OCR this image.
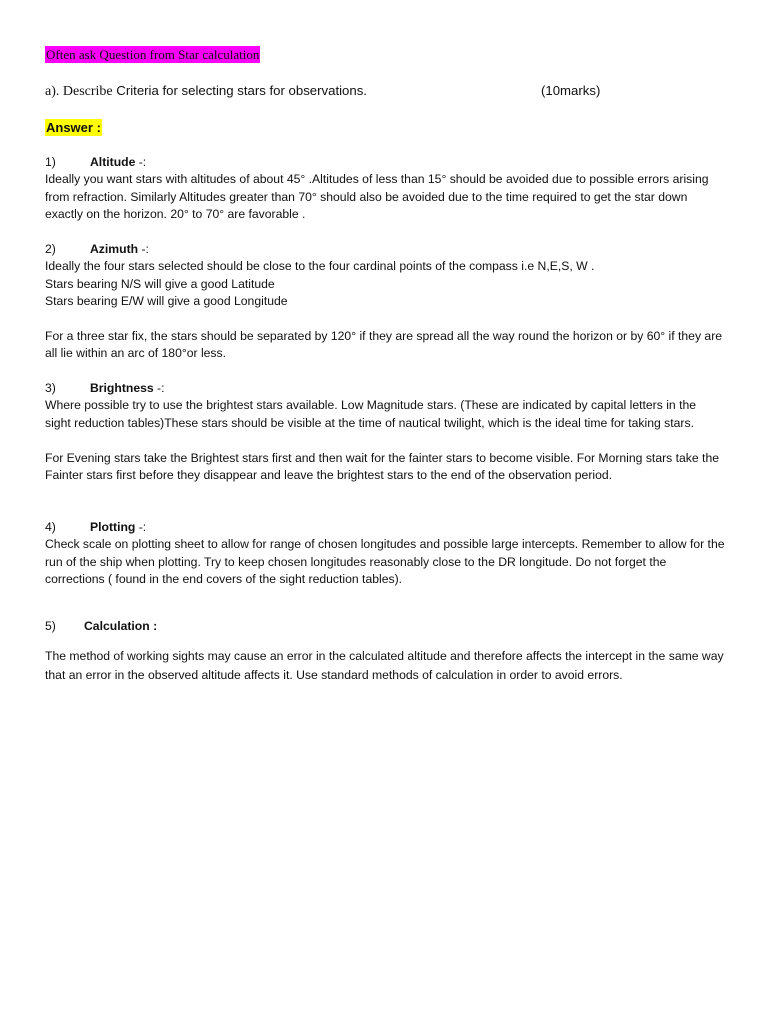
Often ask Question from Star calculation
a). Describe Criteria for selecting stars for observations.	(10marks)
Answer :
1)	Altitude -:

Ideally you want stars with altitudes of about 45° .Altitudes of less than 15° should be avoided due to possible errors arising from refraction. Similarly Altitudes greater than 70° should also be avoided due to the time required to get the star down exactly on the horizon. 20° to 70° are favorable .

2)	Azimuth -:
Ideally the four stars selected should be close to the four cardinal points of the compass i.e N,E,S, W .
Stars bearing N/S will give a good Latitude
Stars bearing E/W will give a good Longitude

For a three star fix, the stars should be separated by 120° if they are spread all the way round the horizon or by 60° if they are all lie within an arc of 180°or less.

3)	Brightness -:

Where possible try to use the brightest stars available. Low Magnitude stars. (These are indicated by capital letters in the sight reduction tables)These stars should be visible at the time of nautical twilight, which is the ideal time for taking stars.

For Evening stars take the Brightest stars first and then wait for the fainter stars to become visible. For Morning stars take the Fainter stars first before they disappear and leave the brightest stars to the end of the observation period.

4)	Plotting -:

Check scale on plotting sheet to allow for range of chosen longitudes and possible large intercepts. Remember to allow for the run of the ship when plotting. Try to keep chosen longitudes reasonably close to the DR longitude. Do not forget the corrections ( found in the end covers of the sight reduction tables).

5) Calculation :

The method of working sights may cause an error in the calculated altitude and therefore affects the intercept in the same way that an error in the observed altitude affects it. Use standard methods of calculation in order to avoid errors.
